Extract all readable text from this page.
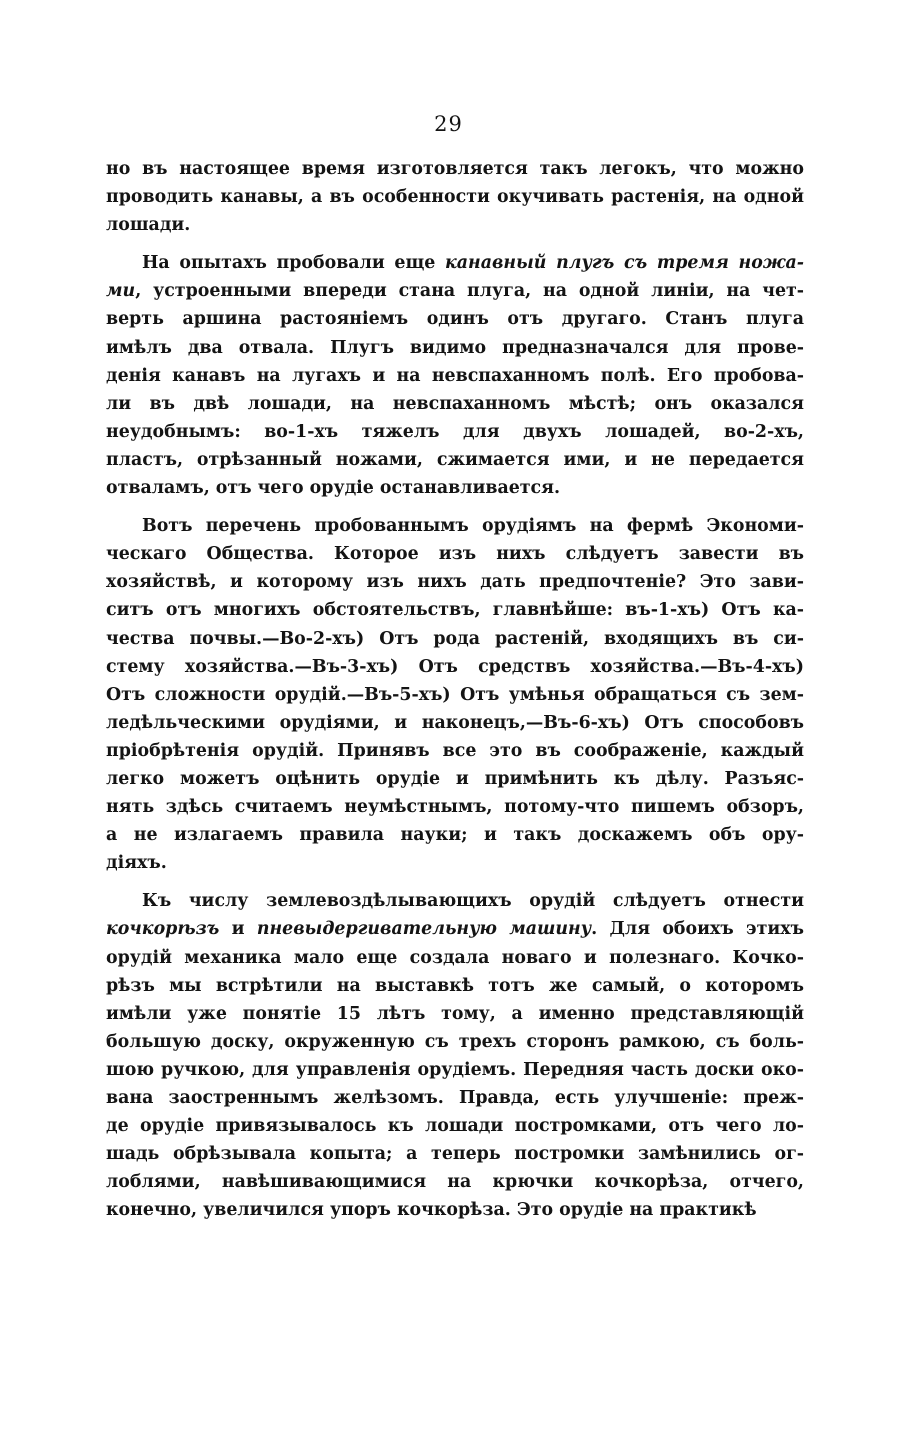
29
но въ настоящее время изготовляется такъ легокъ, что можно
проводить канавы, а въ особенности окучивать растенія, на одной
лошади.
На опытахъ пробовали еще канавный плугъ съ тремя ножа-
ми, устроенными впереди стана плуга, на одной линіи, на чет-
верть аршина растояніемъ одинъ отъ другаго. Станъ плуга
имѣлъ два отвала. Плугъ видимо предназначался для прове-
денія канавъ на лугахъ и на невспаханномъ полѣ. Его пробова-
ли въ двѣ лошади, на невспаханномъ мѣстѣ; онъ оказался
неудобнымъ: во-1-хъ тяжелъ для двухъ лошадей, во-2-хъ,
пластъ, отрѣзанный ножами, сжимается ими, и не передается
отваламъ, отъ чего орудіе останавливается.
Вотъ перечень пробованнымъ орудіямъ на фермѣ Экономи-
ческаго Общества. Которое изъ нихъ слѣдуетъ завести въ
хозяйствѣ, и которому изъ нихъ дать предпочтеніе? Это зави-
ситъ отъ многихъ обстоятельствъ, главнѣйше: въ-1-хъ) Отъ ка-
чества почвы.—Во-2-хъ) Отъ рода растеній, входящихъ въ си-
стему хозяйства.—Въ-3-хъ) Отъ средствъ хозяйства.—Въ-4-хъ)
Отъ сложности орудій.—Въ-5-хъ) Отъ умѣнья обращаться съ зем-
ледѣльческими орудіями, и наконецъ,—Въ-6-хъ) Отъ способовъ
пріобрѣтенія орудій. Принявъ все это въ соображеніе, каждый
легко можетъ оцѣнить орудіе и примѣнить къ дѣлу. Разъяс-
нять здѣсь считаемъ неумѣстнымъ, потому-что пишемъ обзоръ,
а не излагаемъ правила науки; и такъ доскажемъ объ ору-
діяхъ.
Къ числу землевоздѣлывающихъ орудій слѣдуетъ отнести
кочкорѣзъ и пневыдергивательную машину. Для обоихъ этихъ
орудій механика мало еще создала новаго и полезнаго. Кочко-
рѣзъ мы встрѣтили на выставкѣ тотъ же самый, о которомъ
имѣли уже понятіе 15 лѣтъ тому, а именно представляющій
большую доску, окруженную съ трехъ сторонъ рамкою, съ боль-
шою ручкою, для управленія орудіемъ. Передняя часть доски око-
вана заостреннымъ желѣзомъ. Правда, есть улучшеніе: преж-
де орудіе привязывалось къ лошади постромками, отъ чего ло-
шадь обрѣзывала копыта; а теперь постромки замѣнились ог-
лоблями, навѣшивающимися на крючки кочкорѣза, отчего,
конечно, увеличился упоръ кочкорѣза. Это орудіе на практикѣ
